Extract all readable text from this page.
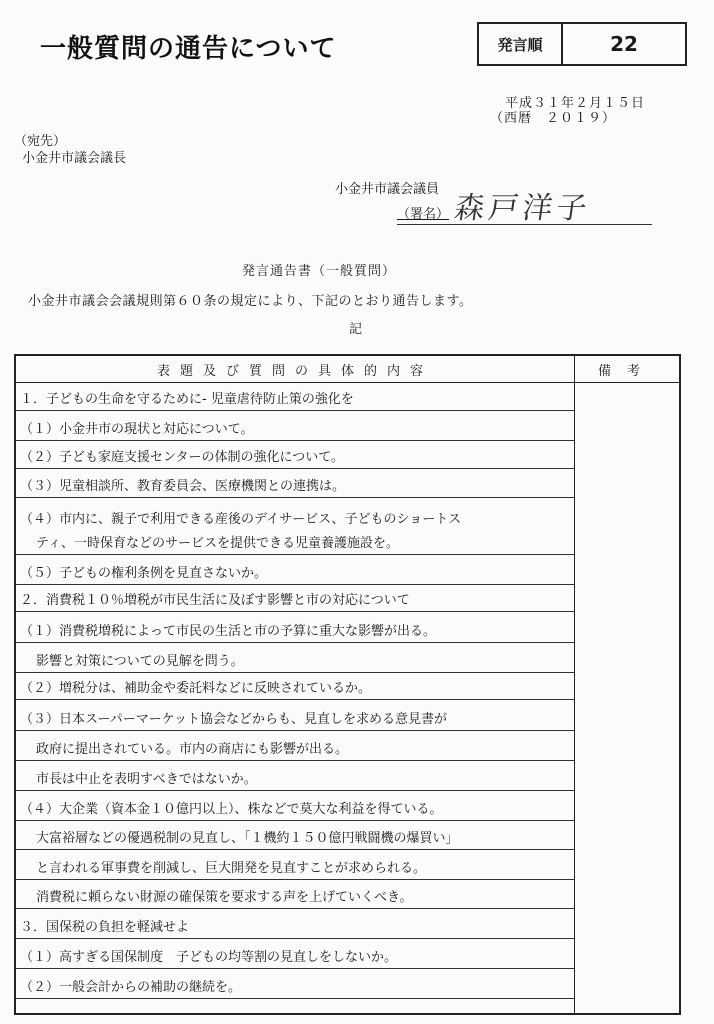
一般質問の通告について	発言順	22
平成３１年２月１５日
（西暦　２０１９）
（宛先）
小金井市議会議長
小金井市議会議員
（署名） 森戸洋子
発言通告書（一般質問）
小金井市議会会議規則第６０条の規定により、下記のとおり通告します。
記
表題及び質問の具体的内容	備考
１．子どもの生命を守るために‐ 児童虐待防止策の強化を
（１）小金井市の現状と対応について。
（２）子ども家庭支援センターの体制の強化について。
（３）児童相談所、教育委員会、医療機関との連携は。
（４）市内に、親子で利用できる産後のデイサービス、子どものショートス
ティ、一時保育などのサービスを提供できる児童養護施設を。
（５）子どもの権利条例を見直さないか。
２．消費税１０％増税が市民生活に及ぼす影響と市の対応について
（１）消費税増税によって市民の生活と市の予算に重大な影響が出る。
影響と対策についての見解を問う。
（２）増税分は、補助金や委託料などに反映されているか。
（３）日本スーパーマーケット協会などからも、見直しを求める意見書が
政府に提出されている。市内の商店にも影響が出る。
市長は中止を表明すべきではないか。
（４）大企業（資本金１０億円以上）、株などで莫大な利益を得ている。
大富裕層などの優遇税制の見直し、「１機約１５０億円戦闘機の爆買い」
と言われる軍事費を削減し、巨大開発を見直すことが求められる。
消費税に頼らない財源の確保策を要求する声を上げていくべき。
３．国保税の負担を軽減せよ
（１）高すぎる国保制度　子どもの均等割の見直しをしないか。
（２）一般会計からの補助の継続を。
